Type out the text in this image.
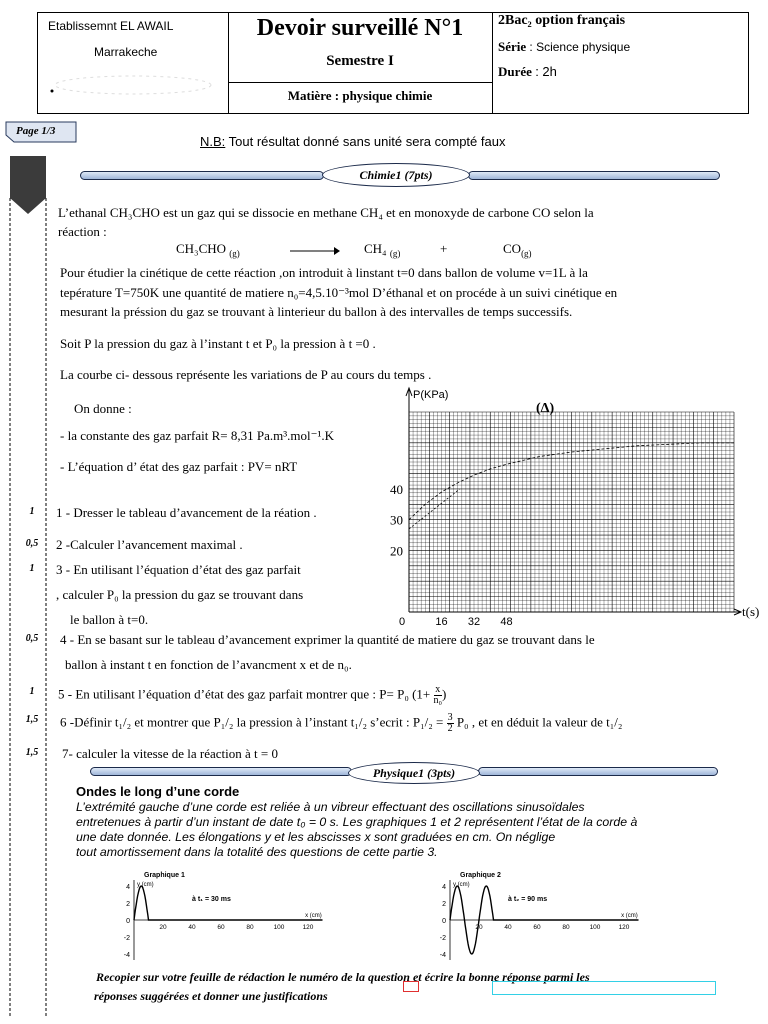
Etablissemnt EL AWAIL
Marrakeche
Devoir surveillé N°1
Semestre I
Matière : physique chimie
2Bac₂ option français
Série : Science physique
Durée : 2h
Page 1/3
N.B: Tout résultat donné sans unité sera compté faux
Chimie1 (7pts)
L’ethanal CH₃CHO est un gaz qui se dissocie en methane CH₄ et en monoxyde de carbone CO selon la
réaction :
CH₃CHO $_{(g)}$	→ CH₄ $_{(g)}$	+	$CO_{(g)}$
Pour étudier la cinétique de cette réaction ,on introduit à linstant t=0 dans ballon de volume v=1L à la
tepérature T=750K une quantité de matiere n₀=4,5.10⁻³mol D’éthanal et on procéde à un suivi cinétique en
mesurant la préssion du gaz se trouvant à linterieur du ballon à des intervalles de temps successifs.
Soit P la pression du gaz à l’instant t et P₀ la pression à t =0 .
La courbe ci- dessous représente les variations de P au cours du temps .
On donne :
- la constante des gaz parfait R= 8,31 Pa.m³.mol⁻¹.K
- L’équation d’ état des gaz parfait : PV= nRT
1	1 - Dresser le tableau d’avancement de la réation .
0,5 2 -Calculer l’avancement maximal .
1	3 - En utilisant l’équation d’état des gaz parfait
, calculer P₀ la pression du gaz se trouvant dans
le ballon à t=0.
0,5 4 - En se basant sur le tableau d’avancement exprimer la quantité de matiere du gaz se trouvant dans le
ballon à instant t en fonction de l’avancment x et de n₀.
1	5 - En utilisant l’équation d’état des gaz parfait montrer que : P= P₀ ($1+ \frac{x}{\text{n₀}}$ )
1,5 6 -Définir t₁/₂ et montrer que P₁/₂ la pression à l’instant t₁/₂ s’ecrit : $P_1/_2 = \frac{3}{2} P_0$ , et en déduit la valeur de t₁/₂
1,5 7- calculer la vitesse de la réaction à t = 0
P(KPa)
t(s)
(Δ)
20
30
40
0	16 32 48
Physique1 (3pts)
Ondes le long d’une corde
L’extrémité gauche d’une corde est reliée à un vibreur effectuant des oscillations sinusoïdales
entretenues à partir d’un instant de date t₀ = 0 s. Les graphiques 1 et 2 représentent l’état de la corde à
une date donnée. Les élongations y et les abscisses x sont graduées en cm. On néglige
tout amortissement dans la totalité des questions de cette partie 3.
4
2
0
-2
-4
20	40	60	80	100	120
Graphique 1
à t₁ = 30 ms
y (cm)
x (cm)
4
2
0
-2
-4
20	40	60	80	100	120
Graphique 2
à t₂ = 90 ms
y (cm)
x (cm)
Recopier sur votre feuille de rédaction le numéro de la question et écrire la bonne réponse parmi les
réponses suggérées et donner une justifications
